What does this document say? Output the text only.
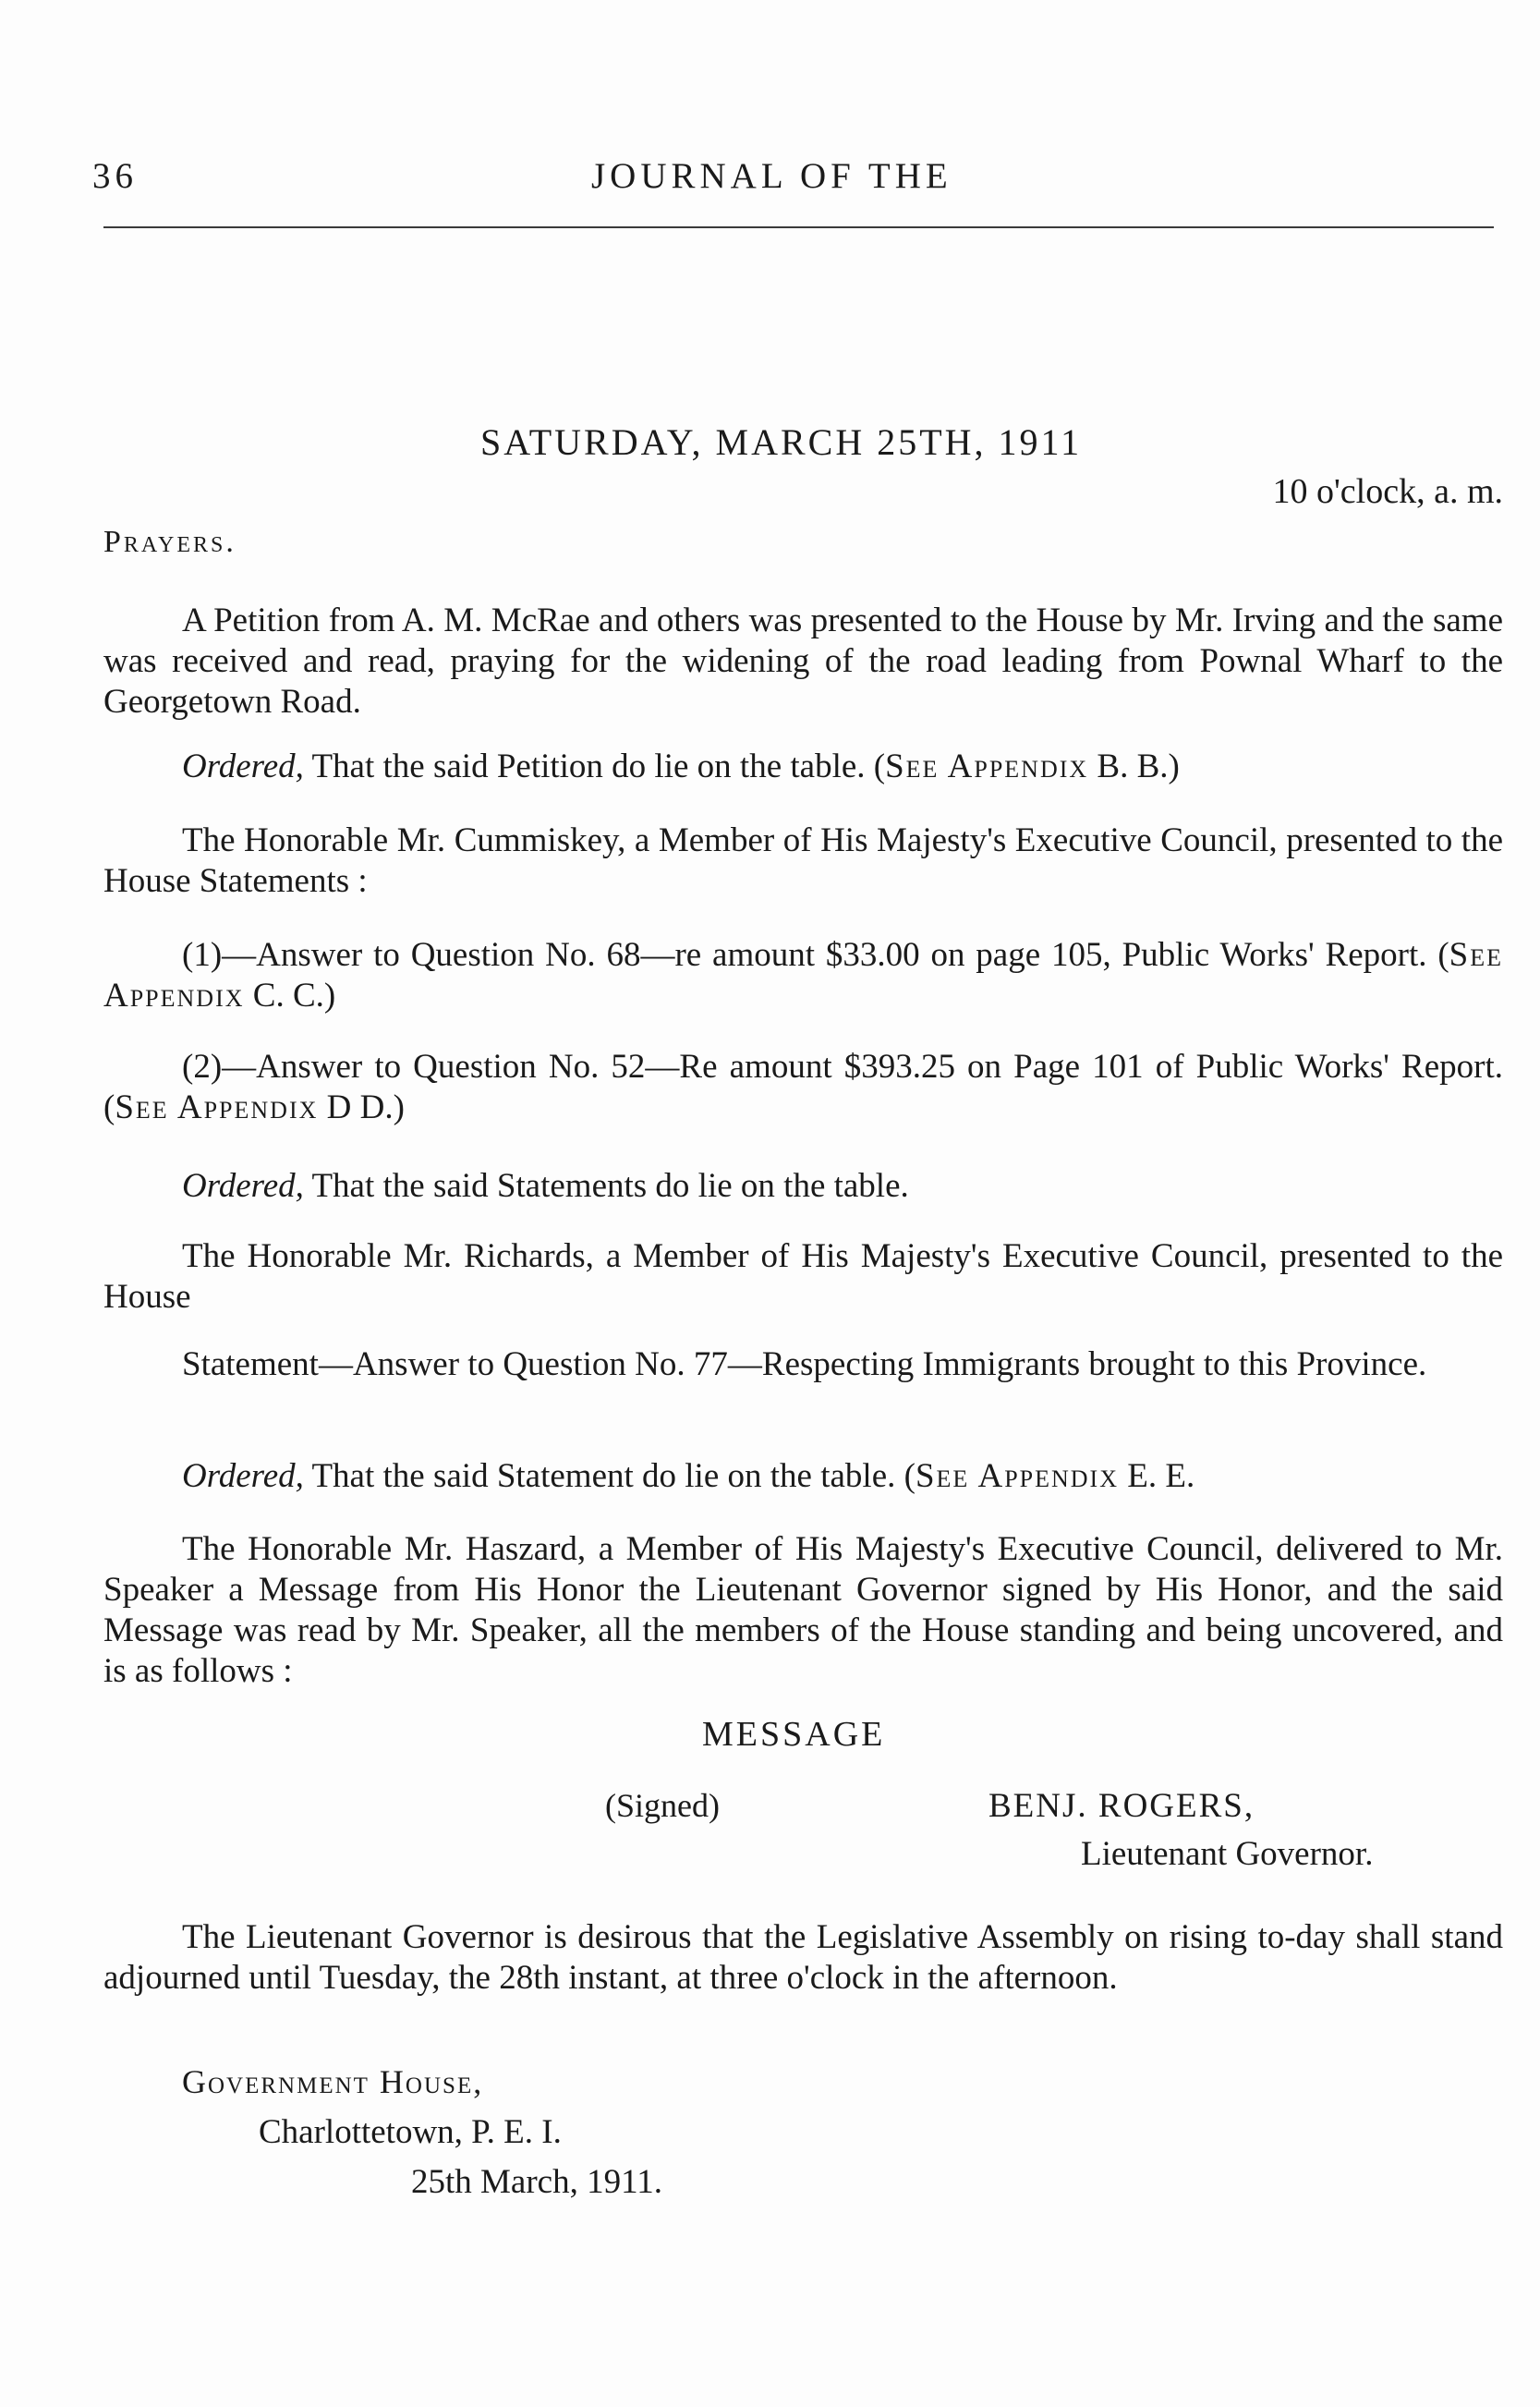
36	JOURNAL OF THE
SATURDAY, MARCH 25TH, 1911
10 o'clock, a. m.
Prayers.

A Petition from A. M. McRae and others was presented to the House by Mr. Irving and the same was received and read, praying for the widening of the road leading from Pownal Wharf to the Georgetown Road.

Ordered, That the said Petition do lie on the table. (See Appendix B. B.)

The Honorable Mr. Cummiskey, a Member of His Majesty's Executive Council, presented to the House Statements :

(1)—Answer to Question No. 68—re amount $33.00 on page 105, Public Works' Report. (See Appendix C. C.)

(2)—Answer to Question No. 52—Re amount $393.25 on Page 101 of Public Works' Report. (See Appendix D D.)

Ordered, That the said Statements do lie on the table.

The Honorable Mr. Richards, a Member of His Majesty's Executive Council, presented to the House

Statement—Answer to Question No. 77—Respecting Immigrants brought to this Province.

Ordered, That the said Statement do lie on the table. (See Appendix E. E.

The Honorable Mr. Haszard, a Member of His Majesty's Executive Council, delivered to Mr. Speaker a Message from His Honor the Lieutenant Governor signed by His Honor, and the said Message was read by Mr. Speaker, all the members of the House standing and being uncovered, and is as follows :

MESSAGE
(Signed)	BENJ. ROGERS,
Lieutenant Governor.

The Lieutenant Governor is desirous that the Legislative Assembly on rising to-day shall stand adjourned until Tuesday, the 28th instant, at three o'clock in the afternoon.

Government House,
Charlottetown, P. E. I.
25th March, 1911.
